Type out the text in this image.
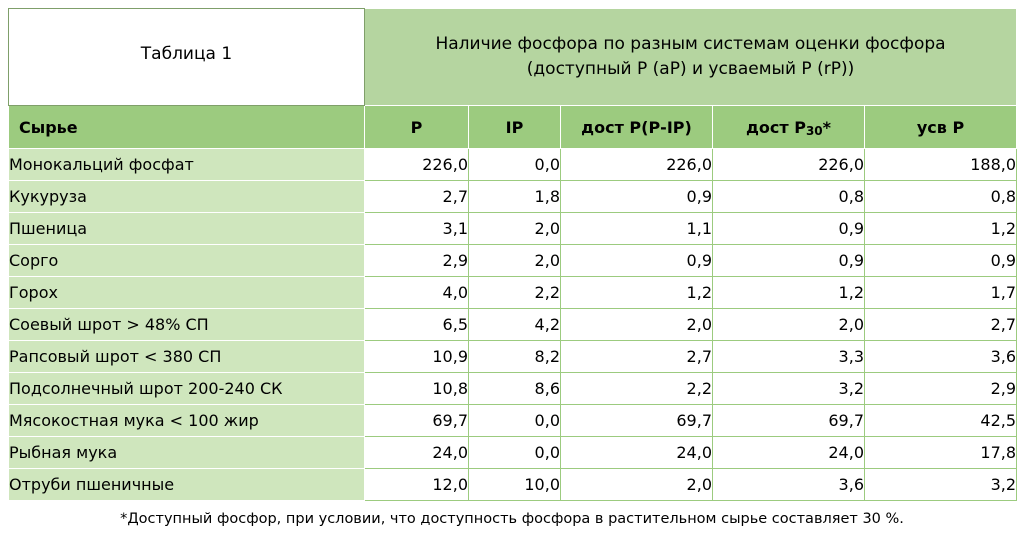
Таблица 1	Наличие фосфора по разным системам оценки фосфора
(доступный Р (aP) и усваемый Р (rP))				

Сырье	Р	IP	дост Р(Р-IP)	дост Р30*	усв Р
Монокальций фосфат	226,0	0,0	226,0	226,0	188,0
Кукуруза	2,7	1,8	0,9	0,8	0,8
Пшеница	3,1	2,0	1,1	0,9	1,2
Сорго	2,9	2,0	0,9	0,9	0,9
Горох	4,0	2,2	1,2	1,2	1,7
Соевый шрот > 48% СП	6,5	4,2	2,0	2,0	2,7
Рапсовый шрот < 380 СП	10,9	8,2	2,7	3,3	3,6
Подсолнечный шрот 200-240 СК	10,8	8,6	2,2	3,2	2,9
Мясокостная мука < 100 жир	69,7	0,0	69,7	69,7	42,5
Рыбная мука	24,0	0,0	24,0	24,0	17,8
Отруби пшеничные	12,0	10,0	2,0	3,6	3,2
*Доступный фосфор, при условии, что доступность фосфора в растительном сырье составляет 30 %.
